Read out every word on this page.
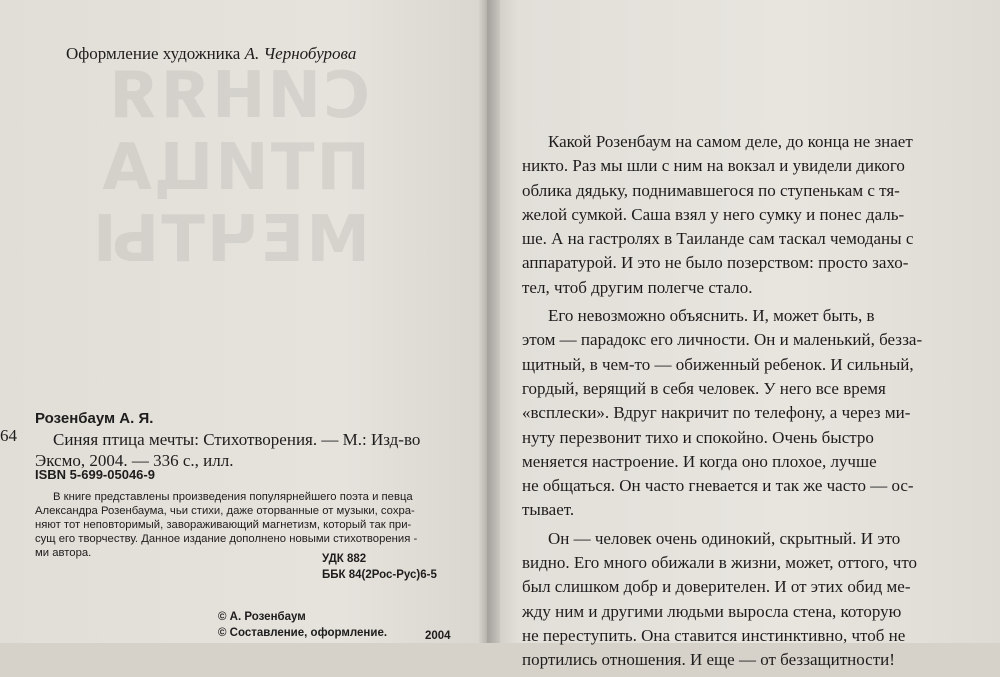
СИНЯЯ
ПТИЦА
МЕЧТЫ
Оформление художника А. Чернобурова
64
Розенбаум А. Я.
Синяя птица мечты: Стихотворения. — М.: Изд-во
Эксмо, 2004. — 336 с., илл.
ISBN 5-699-05046-9
В книге представлены произведения популярнейшего поэта и певца
Александра Розенбаума, чьи стихи, даже оторванные от музыки, сохра-
няют тот неповторимый, завораживающий магнетизм, который так при-
сущ его творчеству. Данное издание дополнено новыми стихотворения -
ми автора.	УДК 882
ББК 84(2Рос-Рус)6-5
© А. Розенбаум
© Составление, оформление.	2004

Какой Розенбаум на самом деле, до конца не знает
никто. Раз мы шли с ним на вокзал и увидели дикого
облика дядьку, поднимавшегося по ступенькам с тя-
желой сумкой. Саша взял у него сумку и понес даль-
ше. А на гастролях в Таиланде сам таскал чемоданы с
аппаратурой. И это не было позерством: просто захо-
тел, чтоб другим полегче стало.

Его невозможно объяснить. И, может быть, в
этом — парадокс его личности. Он и маленький, безза-
щитный, в чем-то — обиженный ребенок. И сильный,
гордый, верящий в себя человек. У него все время
«всплески». Вдруг накричит по телефону, а через ми-
нуту перезвонит тихо и спокойно. Очень быстро
меняется настроение. И когда оно плохое, лучше
не общаться. Он часто гневается и так же часто — ос-
тывает.

Он — человек очень одинокий, скрытный. И это
видно. Его много обижали в жизни, может, оттого, что
был слишком добр и доверителен. И от этих обид ме-
жду ним и другими людьми выросла стена, которую
не переступить. Она ставится инстинктивно, чтоб не
портились отношения. И еще — от беззащитности!
